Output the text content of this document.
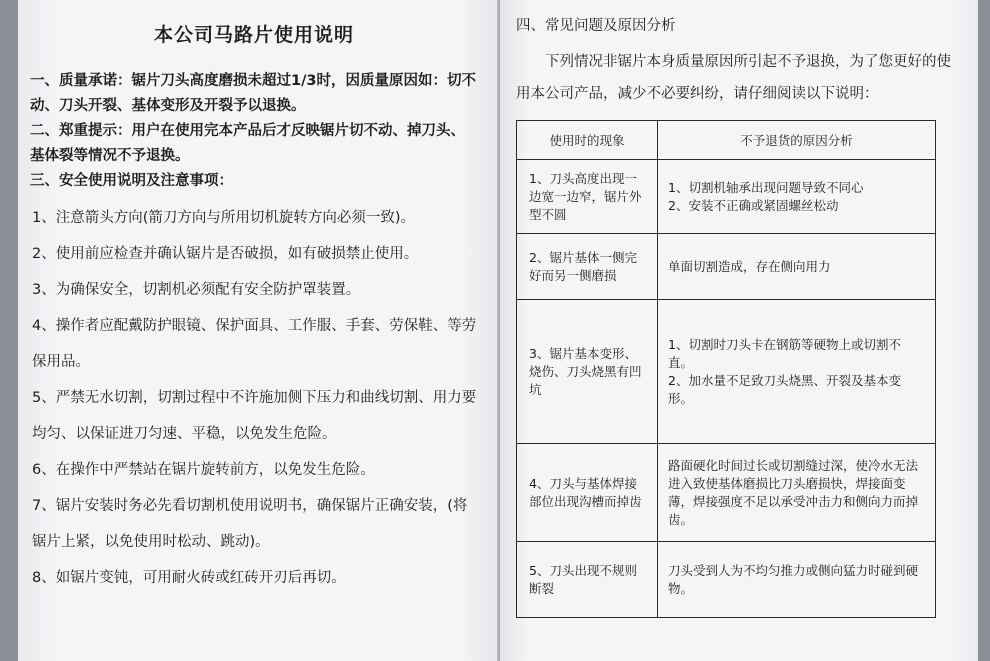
本公司马路片使用说明

一、质量承诺：锯片刀头高度磨损未超过1/3时，因质量原因如：切不动、刀头开裂、基体变形及开裂予以退换。

二、郑重提示：用户在使用完本产品后才反映锯片切不动、掉刀头、基体裂等情况不予退换。

三、安全使用说明及注意事项：

1、注意箭头方向(箭刀方向与所用切机旋转方向必须一致)。

2、使用前应检查并确认锯片是否破损，如有破损禁止使用。

3、为确保安全，切割机必须配有安全防护罩装置。

4、操作者应配戴防护眼镜、保护面具、工作服、手套、劳保鞋、等劳保用品。

5、严禁无水切割，切割过程中不许施加侧下压力和曲线切割、用力要均匀、以保证进刀匀速、平稳，以免发生危险。

6、在操作中严禁站在锯片旋转前方，以免发生危险。

7、锯片安装时务必先看切割机使用说明书，确保锯片正确安装，(将锯片上紧，以免使用时松动、跳动)。

8、如锯片变钝，可用耐火砖或红砖开刃后再切。

四、常见问题及原因分析

下列情况非锯片本身质量原因所引起不予退换，为了您更好的使用本公司产品，减少不必要纠纷，请仔细阅读以下说明：

使用时的现象	不予退货的原因分析
1、刀头高度出现一边宽一边窄，锯片外型不圆	1、切割机轴承出现问题导致不同心
2、安装不正确或紧固螺丝松动
2、锯片基体一侧完好而另一侧磨损	单面切割造成，存在侧向用力
3、锯片基本变形、烧伤、刀头烧黑有凹坑	1、切割时刀头卡在钢筋等硬物上或切割不直。
2、加水量不足致刀头烧黑、开裂及基本变形。
4、刀头与基体焊接部位出现沟槽而掉齿	路面硬化时间过长或切割缝过深，使冷水无法进入致使基体磨损比刀头磨损快，焊接面变薄，焊接强度不足以承受冲击力和侧向力而掉齿。
5、刀头出现不规则断裂	刀头受到人为不均匀推力或侧向猛力时碰到硬物。
